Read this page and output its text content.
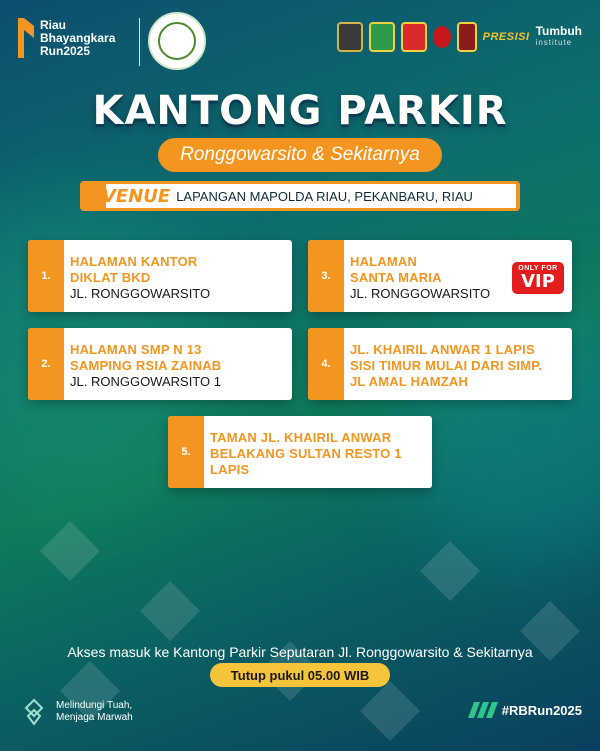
Riau
Bhayangkara
Run2025
PRESISI Tumbuh
institute
KANTONG PARKIR
Ronggowarsito & Sekitarnya
VENUE LAPANGAN MAPOLDA RIAU, PEKANBARU, RIAU
1.
HALAMAN KANTOR
DIKLAT BKD
JL. RONGGOWARSITO
3.
HALAMAN
SANTA MARIA
JL. RONGGOWARSITO
ONLY FOR
VIP
2.
HALAMAN SMP N 13
SAMPING RSIA ZAINAB
JL. RONGGOWARSITO 1
4.
JL. KHAIRIL ANWAR 1 LAPIS
SISI TIMUR MULAI DARI SIMP.
JL AMAL HAMZAH
5.
TAMAN JL. KHAIRIL ANWAR
BELAKANG SULTAN RESTO 1
LAPIS
Akses masuk ke Kantong Parkir Seputaran Jl. Ronggowarsito & Sekitarnya
Tutup pukul 05.00 WIB
Melindungi Tuah,
Menjaga Marwah	#RBRun2025
